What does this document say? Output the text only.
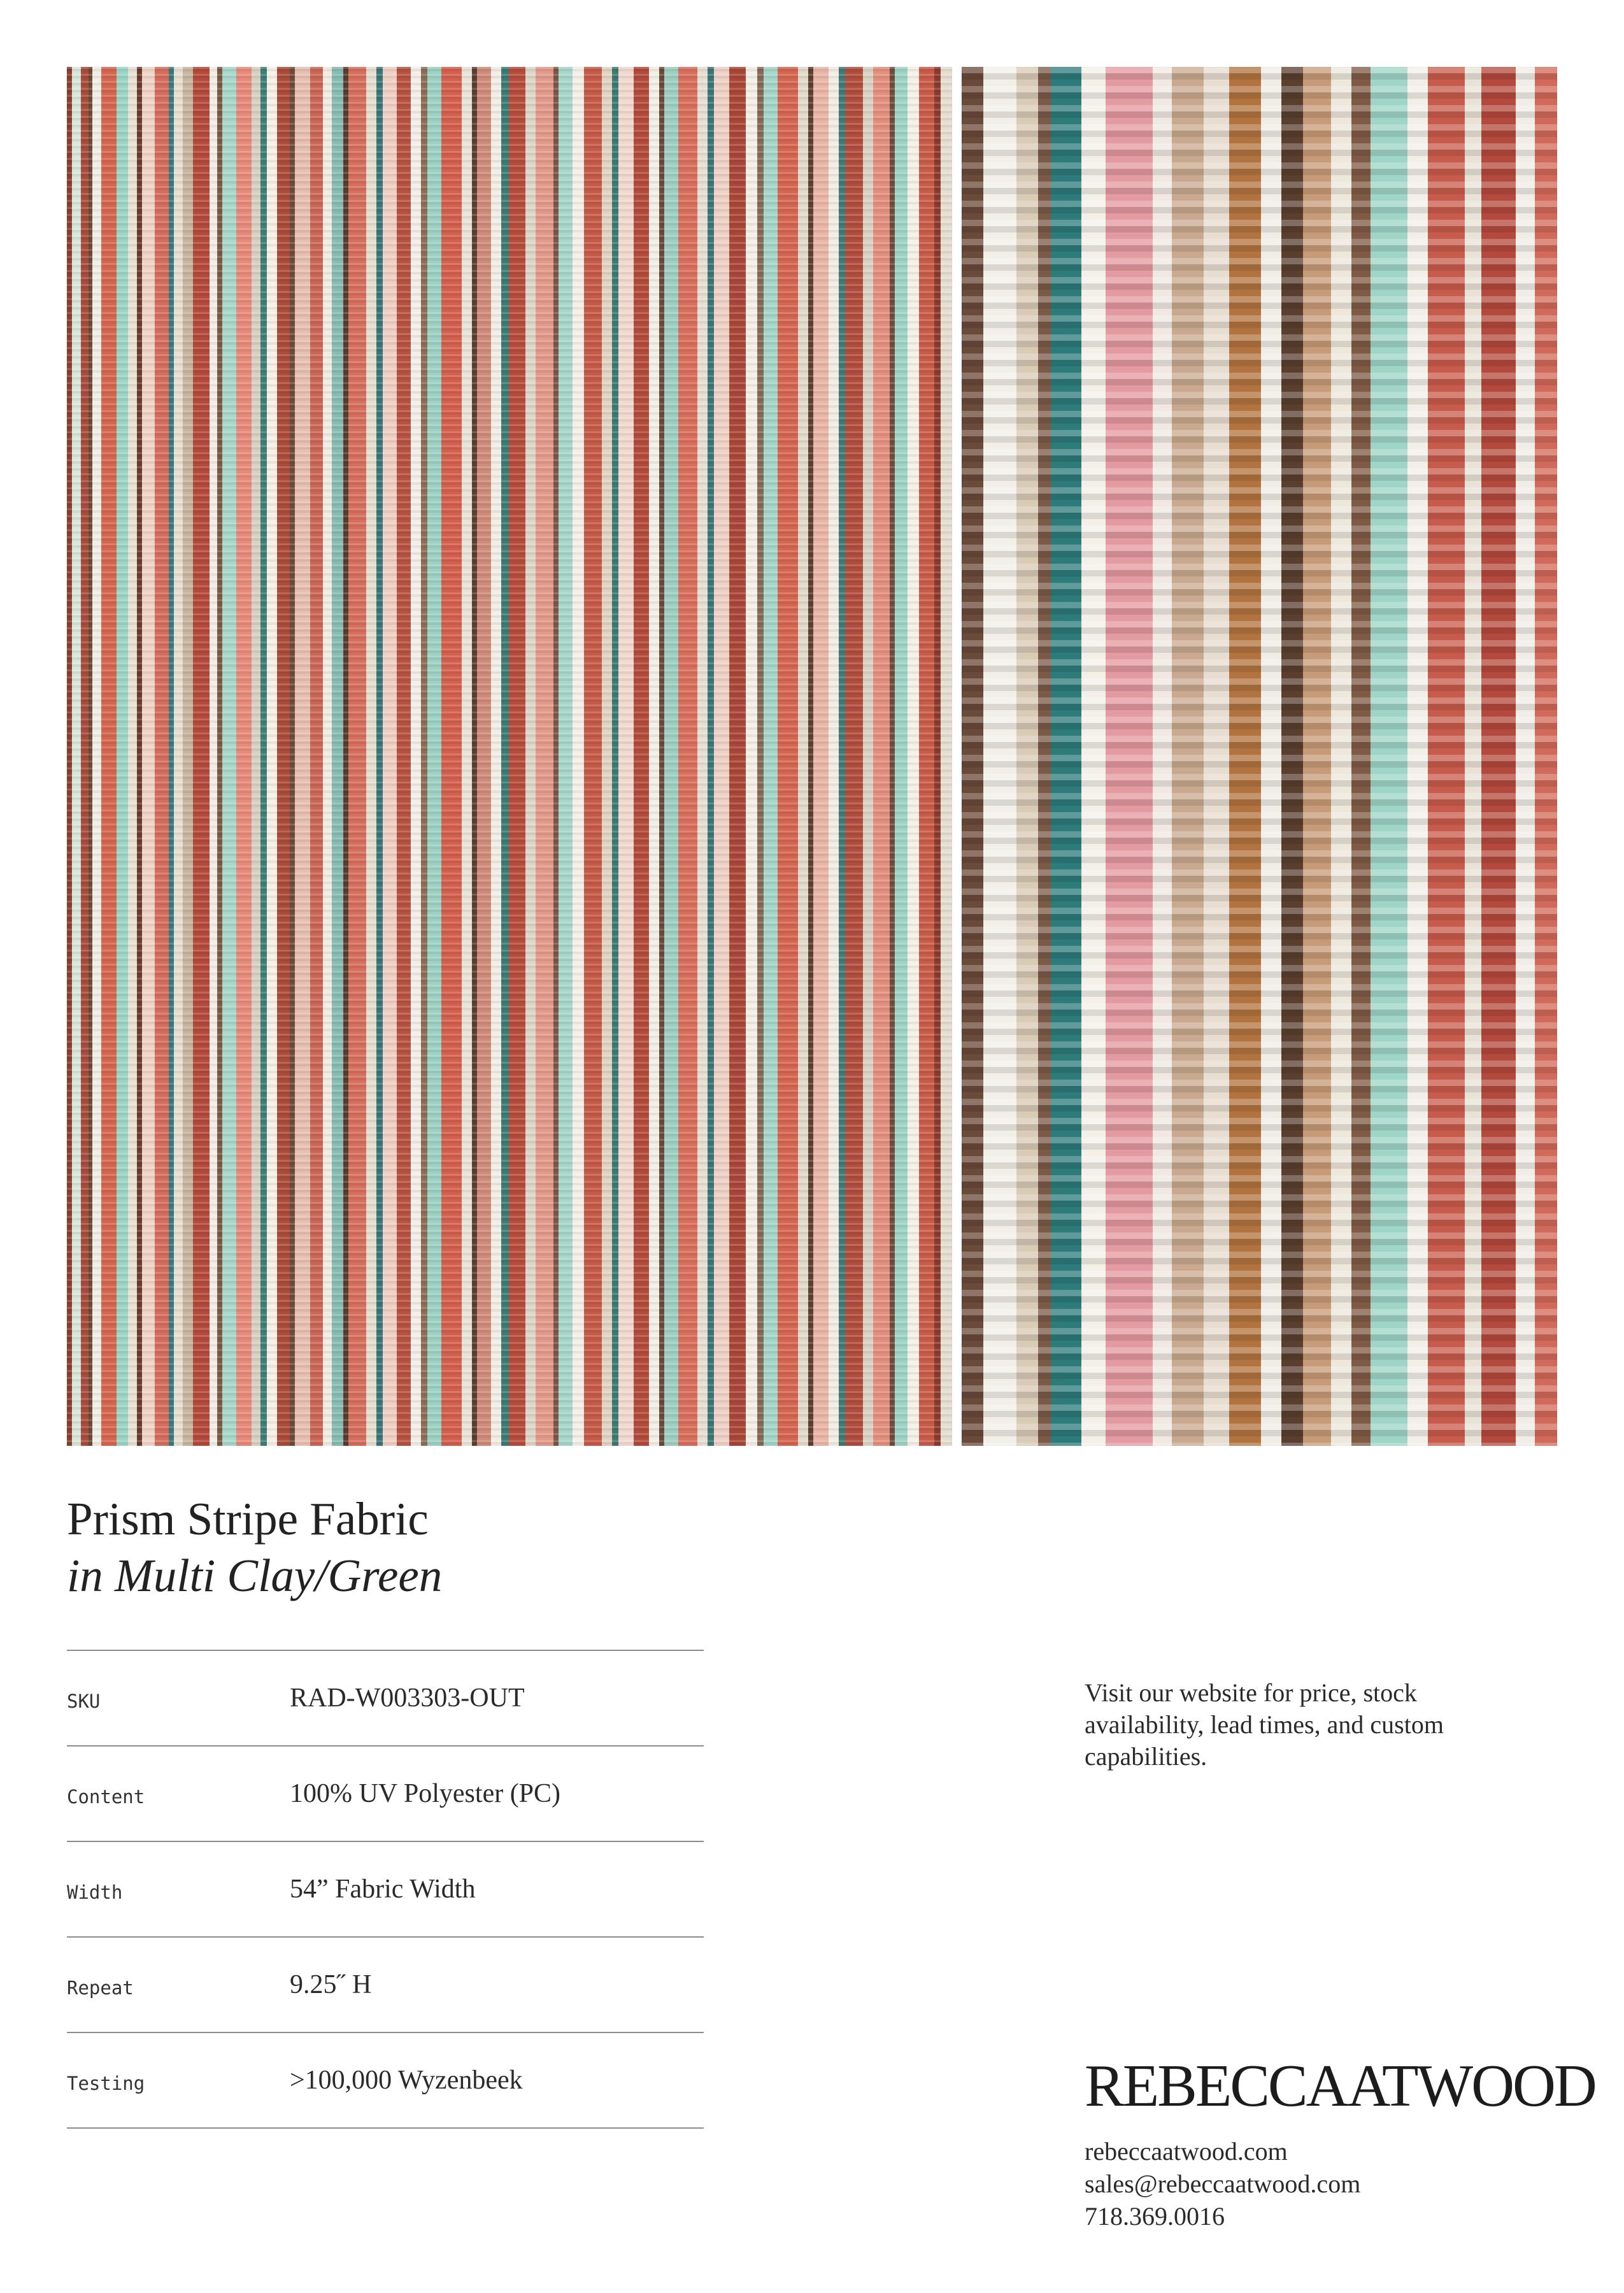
Prism Stripe Fabric
in Multi Clay/Green
SKU	RAD-W003303-OUT
Content	100% UV Polyester (PC)
Width	54” Fabric Width
Repeat	9.25˝ H
Testing	>100,000 Wyzenbeek
Visit our website for price, stock availability, lead times, and custom capabilities.
REBECCAATWOOD
rebeccaatwood.com
sales@rebeccaatwood.com
718.369.0016
